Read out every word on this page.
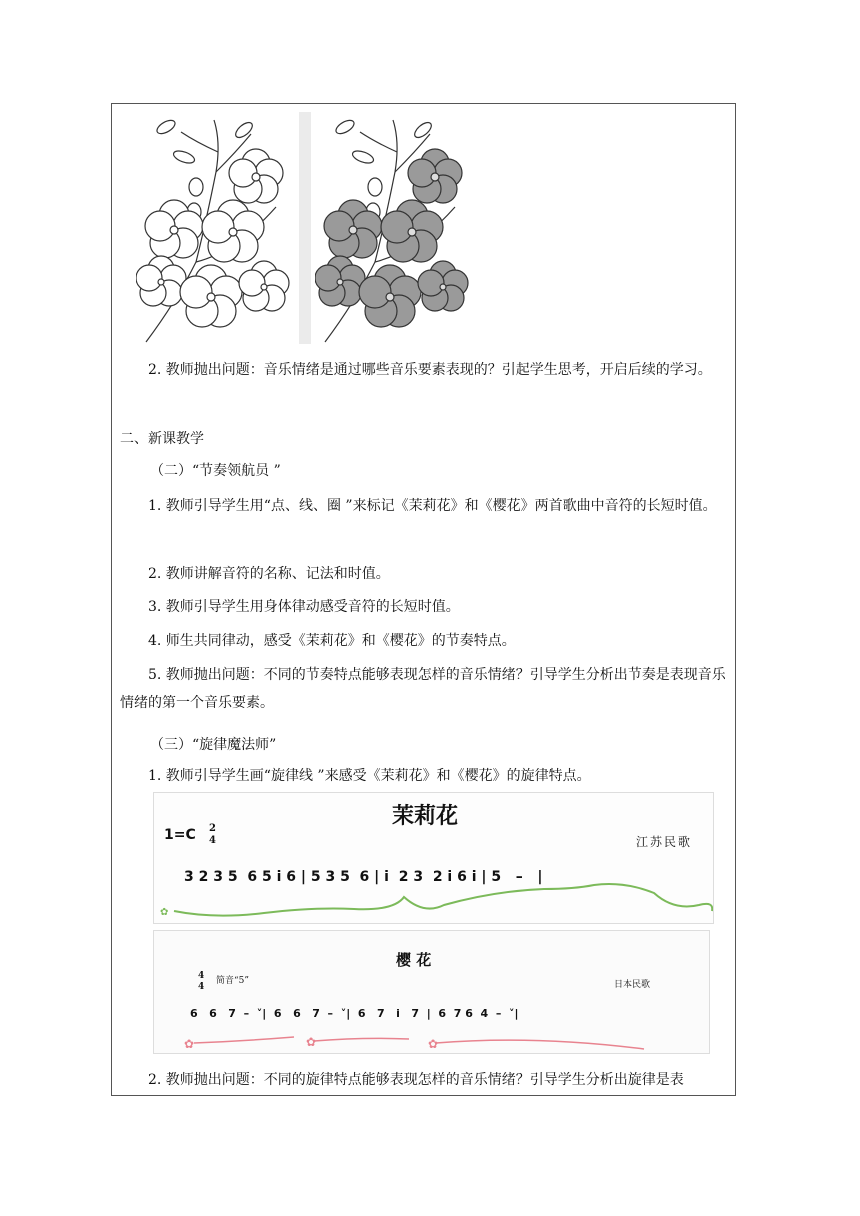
2. 教师抛出问题：音乐情绪是通过哪些音乐要素表现的？引起学生思考，开启后续的学习。
二、新课教学
（二）“节奏领航员 ”
1. 教师引导学生用“点、线、圈 ”来标记《茉莉花》和《樱花》两首歌曲中音符的长短时值。
2. 教师讲解音符的名称、记法和时值。
3. 教师引导学生用身体律动感受音符的长短时值。
4. 师生共同律动，感受《茉莉花》和《樱花》的节奏特点。
5. 教师抛出问题：不同的节奏特点能够表现怎样的音乐情绪？引导学生分析出节奏是表现音乐情绪的第一个音乐要素。
（三）“旋律魔法师”
1. 教师引导学生画“旋律线 ”来感受《茉莉花》和《樱花》的旋律特点。
茉莉花
1=C 2
4	江苏民歌
3 2 3 5  6 5 i 6 | 5 3 5  6 | i  2 3  2 i 6 i | 5   –   |
✿
樱 花
4
4
简音“5”	日本民歌
6   6   7  –  ˅|  6   6   7  –  ˅|  6   7   i   7  |  6  7 6  4  –  ˅|
✿	✿	✿
2. 教师抛出问题：不同的旋律特点能够表现怎样的音乐情绪？引导学生分析出旋律是表
